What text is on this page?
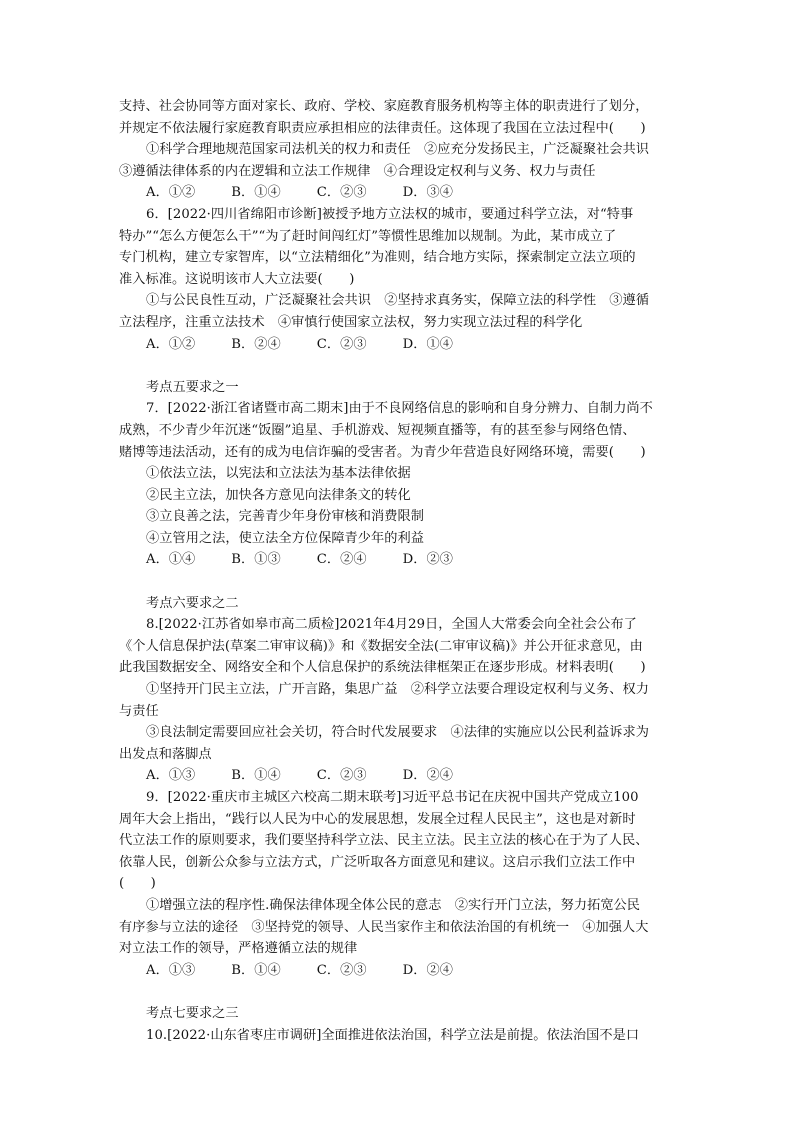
支持、社会协同等方面对家长、政府、学校、家庭教育服务机构等主体的职责进行了划分，
并规定不依法履行家庭教育职责应承担相应的法律责任。这体现了我国在立法过程中(　　)
①科学合理地规范国家司法机关的权力和责任　②应充分发扬民主，广泛凝聚社会共识
③遵循法律体系的内在逻辑和立法工作规律　④合理设定权利与义务、权力与责任
A．①②	B．①④	C．②③	D．③④
6．[2022·四川省绵阳市诊断]被授予地方立法权的城市，要通过科学立法，对“特事
特办”“怎么方便怎么干”“为了赶时间闯红灯”等惯性思维加以规制。为此，某市成立了
专门机构，建立专家智库，以“立法精细化”为准则，结合地方实际，探索制定立法立项的
准入标准。这说明该市人大立法要(　　)
①与公民良性互动，广泛凝聚社会共识　②坚持求真务实，保障立法的科学性　③遵循
立法程序，注重立法技术　④审慎行使国家立法权，努力实现立法过程的科学化
A．①②	B．②④	C．②③	D．①④
考点五要求之一
7．[2022·浙江省诸暨市高二期末]由于不良网络信息的影响和自身分辨力、自制力尚不
成熟，不少青少年沉迷“饭圈”追星、手机游戏、短视频直播等，有的甚至参与网络色情、
赌博等违法活动，还有的成为电信诈骗的受害者。为青少年营造良好网络环境，需要(　　)
①依法立法，以宪法和立法法为基本法律依据
②民主立法，加快各方意见向法律条文的转化
③立良善之法，完善青少年身份审核和消费限制
④立管用之法，使立法全方位保障青少年的利益
A．①④	B．①③	C．②④	D．②③
考点六要求之二
8.[2022·江苏省如皋市高二质检]2021年4月29日，全国人大常委会向全社会公布了
《个人信息保护法(草案二审审议稿)》和《数据安全法(二审审议稿)》并公开征求意见，由
此我国数据安全、网络安全和个人信息保护的系统法律框架正在逐步形成。材料表明(　　)
①坚持开门民主立法，广开言路，集思广益　②科学立法要合理设定权利与义务、权力
与责任
③良法制定需要回应社会关切，符合时代发展要求　④法律的实施应以公民利益诉求为
出发点和落脚点
A．①③	B．①④	C．②③	D．②④
9．[2022·重庆市主城区六校高二期末联考]习近平总书记在庆祝中国共产党成立100
周年大会上指出，“践行以人民为中心的发展思想，发展全过程人民民主”，这也是对新时
代立法工作的原则要求，我们要坚持科学立法、民主立法。民主立法的核心在于为了人民、
依靠人民，创新公众参与立法方式，广泛听取各方面意见和建议。这启示我们立法工作中
(　　)
①增强立法的程序性.确保法律体现全体公民的意志　②实行开门立法，努力拓宽公民
有序参与立法的途径　③坚持党的领导、人民当家作主和依法治国的有机统一　④加强人大
对立法工作的领导，严格遵循立法的规律
A．①③	B．①④	C．②③	D．②④
考点七要求之三
10.[2022·山东省枣庄市调研]全面推进依法治国，科学立法是前提。依法治国不是口
